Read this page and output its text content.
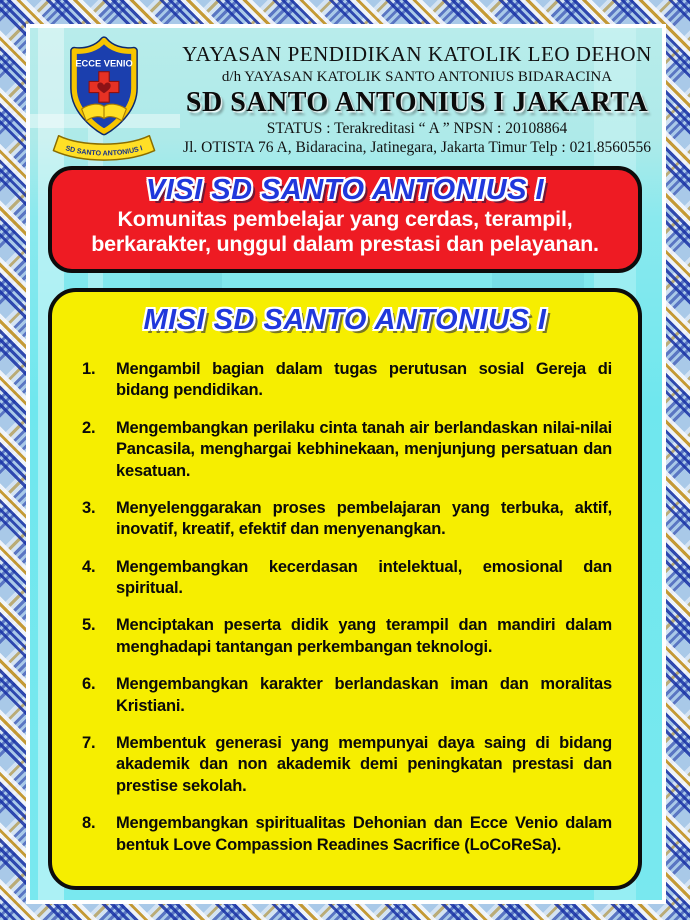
ECCE VENIO
SD SANTO ANTONIUS I
YAYASAN PENDIDIKAN KATOLIK LEO DEHON
d/h YAYASAN KATOLIK SANTO ANTONIUS BIDARACINA
SD SANTO ANTONIUS I JAKARTA
STATUS : Terakreditasi “ A ” NPSN : 20108864
Jl. OTISTA 76 A, Bidaracina, Jatinegara, Jakarta Timur Telp : 021.8560556
VISI SD SANTO ANTONIUS I

Komunitas pembelajar yang cerdas, terampil,

berkarakter, unggul dalam prestasi dan pelayanan.

MISI SD SANTO ANTONIUS I
1.	Mengambil bagian dalam tugas perutusan sosial Gereja di bidang pendidikan.
2.	Mengembangkan perilaku cinta tanah air berlandaskan nilai-nilai Pancasila, menghargai kebhinekaan, menjunjung persatuan dan kesatuan.
3.	Menyelenggarakan proses pembelajaran yang terbuka, aktif, inovatif, kreatif, efektif dan menyenangkan.
4.	Mengembangkan kecerdasan intelektual, emosional dan spiritual.
5.	Menciptakan peserta didik yang terampil dan mandiri dalam menghadapi tantangan perkembangan teknologi.
6.	Mengembangkan karakter berlandaskan iman dan moralitas Kristiani.
7.	Membentuk generasi yang mempunyai daya saing di bidang akademik dan non akademik demi peningkatan prestasi dan prestise sekolah.
8.	Mengembangkan spiritualitas Dehonian dan Ecce Venio dalam bentuk Love Compassion Readines Sacrifice (LoCoReSa).
